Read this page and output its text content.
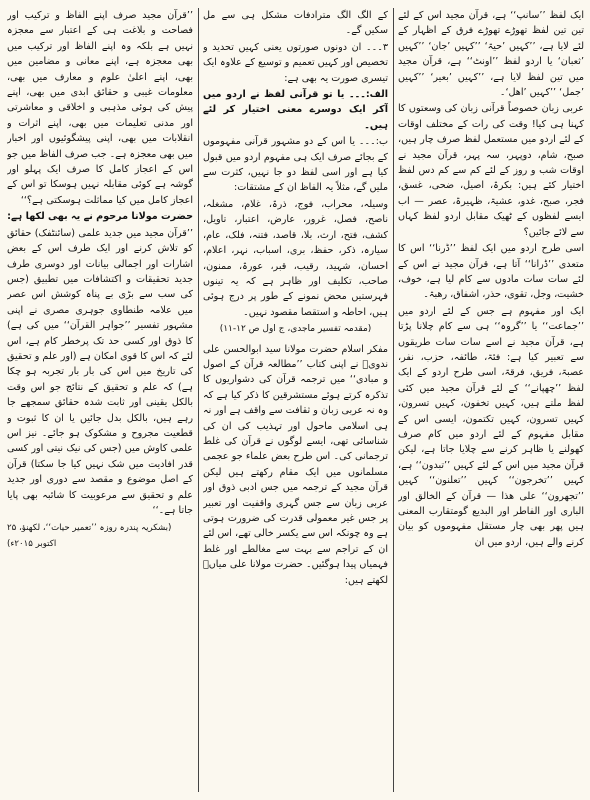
ایک لفظ ’’سانپ‘‘ ہے، قرآن مجید اس کے لئے تین تین لفظ تھوڑے تھوڑے فرق کے اظہار کے لئے لایا ہے، ’’کہیں ’حیۃ‘ ’’کہیں ’جان‘ ’’کہیں ’ثعبان‘ یا اردو لفظ ’’اونٹ‘‘ ہے، قرآن مجید میں تین لفظ لایا ہے، ’’کہیں ’بعیر‘ ’’کہیں ’جمل‘ ’’کہیں ’اھل‘۔
عربی زبان خصوصاً قرآنی زبان کی وسعتوں کا کہنا ہی کیا! وقت کی رات کے مختلف اوقات کے لئے اردو میں مستعمل لفظ صرف چار ہیں، صبح، شام، دوپہر، سہ پہر، قرآن مجید نے اوقات شب و روز کے لئے کم سے کم دس لفظ اختیار کئے ہیں: بکرۃ، اصیل، ضحی، غسق، فجر، صبح، غدو، عشیۃ، ظہیرۃ، عصر — اب ایسے لفظوں کے ٹھیک مقابل اردو لفظ کہاں سے لائے جائیں؟
اسی طرح اردو میں ایک لفظ ’’ڈرنا‘‘ اس کا متعدی ’’ڈرانا‘‘ آتا ہے، قرآن مجید نے اس کے لئے سات سات مادوں سے کام لیا ہے، خوف، خشیت، وجل، تقوی، حذر، اشفاق، رھبۃ۔
ایک اور مفہوم ہے جس کے لئے اردو میں ’’جماعت‘‘ یا ’’گروہ‘‘ ہی سے کام چلانا پڑتا ہے، قرآن مجید نے اسے سات سات طریقوں سے تعبیر کیا ہے: فئۃ، طائفہ، حزب، نفر، عصبۃ، فریق، فرقۃ، اسی طرح اردو کے ایک لفظ ’’چھپانے‘‘ کے لئے قرآن مجید میں کئی لفظ ملتے ہیں، کہیں تخفون، کہیں تسرون، کہیں تسرون، کہیں تکتمون، ایسی اس کے مقابل مفہوم کے لئے اردو میں کام صرف کھولنے یا ظاہر کرنے سے چلایا جاتا ہے، لیکن قرآن مجید میں اس کے لئے کہیں ’’تبدون‘‘ ہے، کہیں ’’تخرجون‘‘ کہیں ’’تعلنون‘‘ کہیں ’’تجھرون‘‘ علی ھذا — قرآن کے الخالق اور الباری اور الفاطر اور البدیع گومتقارب المعنی ہیں پھر بھی چار مستقل مفہوموں کو بیان کرنے والے ہیں، اردو میں ان
کے الگ الگ مترادفات مشکل ہی سے مل سکیں گے۔
۳۔۔۔ ان دونوں صورتوں یعنی کہیں تحدید و تخصیص اور کہیں تعمیم و توسیع کے علاوہ ایک تیسری صورت یہ بھی ہے:
الف:۔۔۔ یا تو قرآنی لفظ نے اردو میں آکر ایک دوسرے معنی اختیار کر لئے ہیں۔
ب:۔۔۔ یا اس کے دو مشہور قرآنی مفہوموں کے بجائے صرف ایک ہی مفہوم اردو میں قبول کیا ہے اور اسی لفظ دو جا نہیں، کثرت سے ملیں گے، مثلاً یہ الفاظ ان کے مشتقات:
وسیلہ، محراب، فوج، ذرۃ، غلام، مشغلہ، ناصح، فصل، غرور، عارض، اعتبار، تاویل، کشف، فتح، ارث، بلا، قاصد، فتنہ، فلک، عام، سیارہ، ذکر، حفظ، بری، اسباب، نہر، اعلام، احسان، شہید، رقیب، قبر، عورۃ، ممنون، صاحب، تکلیف اور ظاہر ہے کہ یہ تینوں فہرستیں محض نمونے کے طور پر درج ہوئی ہیں، احاطہ و استقصا مقصود نہیں۔
(مقدمہ تفسیر ماجدی، ج اول ص ۱۲-۱۱)
مفکر اسلام حضرت مولانا سید ابوالحسن علی ندویؒ نے اپنی کتاب ’’مطالعہ قرآن کے اصول و مبادی‘‘ میں ترجمہ قرآن کی دشواریوں کا تذکرہ کرتے ہوئے مستشرقین کا ذکر کیا ہے کہ وہ نہ عربی زبان و ثقافت سے واقف ہے اور نہ ہی اسلامی ماحول اور تہذیب کی ان کی شناسائی تھی، ایسے لوگوں نے قرآن کی غلط ترجمانی کی۔ اس طرح بعض علماء جو عجمی مسلمانوں میں ایک مقام رکھتے ہیں لیکن قرآن مجید کے ترجمہ میں جس ادبی ذوق اور عربی زبان سے جس گہری واقفیت اور تعبیر پر جس غیر معمولی قدرت کی ضرورت ہوتی ہے وہ چونکہ اس سے یکسر خالی تھے، اس لئے ان کے تراجم سے بہت سے مغالطے اور غلط فہمیاں پیدا ہوگئیں۔ حضرت مولانا علی میاںؒ لکھتے ہیں:
’’قرآن مجید صرف اپنے الفاظ و ترکیب اور فصاحت و بلاغت ہی کے اعتبار سے معجزہ نہیں ہے بلکہ وہ اپنے الفاظ اور ترکیب میں بھی معجزہ ہے، اپنے معانی و مضامین میں بھی، اپنے اعلیٰ علوم و معارف میں بھی، معلومات غیبی و حقائق ابدی میں بھی، اپنے پیش کی ہوئی مذہبی و اخلاقی و معاشرتی اور مدنی تعلیمات میں بھی، اپنے اثرات و انقلابات میں بھی، اپنی پیشگوئیوں اور اخبار میں بھی معجزہ ہے۔ جب صرف الفاظ میں جو اس کے اعجاز کامل کا صرف ایک پہلو اور گوشہ ہے کوئی مقابلہ نہیں ہوسکا تو اس کے اعجاز کامل میں کیا مماثلت ہوسکتی ہے؟‘‘
حضرت مولانا مرحوم نے یہ بھی لکھا ہے:
’’قرآن مجید میں جدید علمی (سائنٹفک) حقائق کو تلاش کرنے اور ایک طرف اس کے بعض اشارات اور اجمالی بیانات اور دوسری طرف جدید تحقیقات و اکتشافات میں تطبیق (جس کی سب سے بڑی بے پناہ کوشش اس عصر میں علامہ طنطاوی جوہری مصری نے اپنی مشہور تفسیر ’’جواہر القرآن‘‘ میں کی ہے) کا ذوق اور کسی حد تک پرخطر کام ہے، اس لئے کہ اس کا قوی امکان ہے (اور علم و تحقیق کی تاریخ میں اس کی بار بار تجربہ ہو چکا ہے) کہ علم و تحقیق کے نتائج جو اس وقت بالکل یقینی اور ثابت شدہ حقائق سمجھے جا رہے ہیں، بالکل بدل جائیں یا ان کا ثبوت و قطعیت مجروح و مشکوک ہو جائے۔ نیز اس علمی کاوش میں (جس کی نیک نیتی اور کسی قدر افادیت میں شک نہیں کیا جا سکتا) قرآن کے اصل موضوع و مقصد سے دوری اور جدید علم و تحقیق سے مرعوبیت کا شائبہ بھی پایا جاتا ہے۔‘‘
(بشکریہ پندرہ روزہ ’’تعمیر حیات‘‘، لکھنؤ، ۲۵ اکتوبر ۲۰۱۵ء)
